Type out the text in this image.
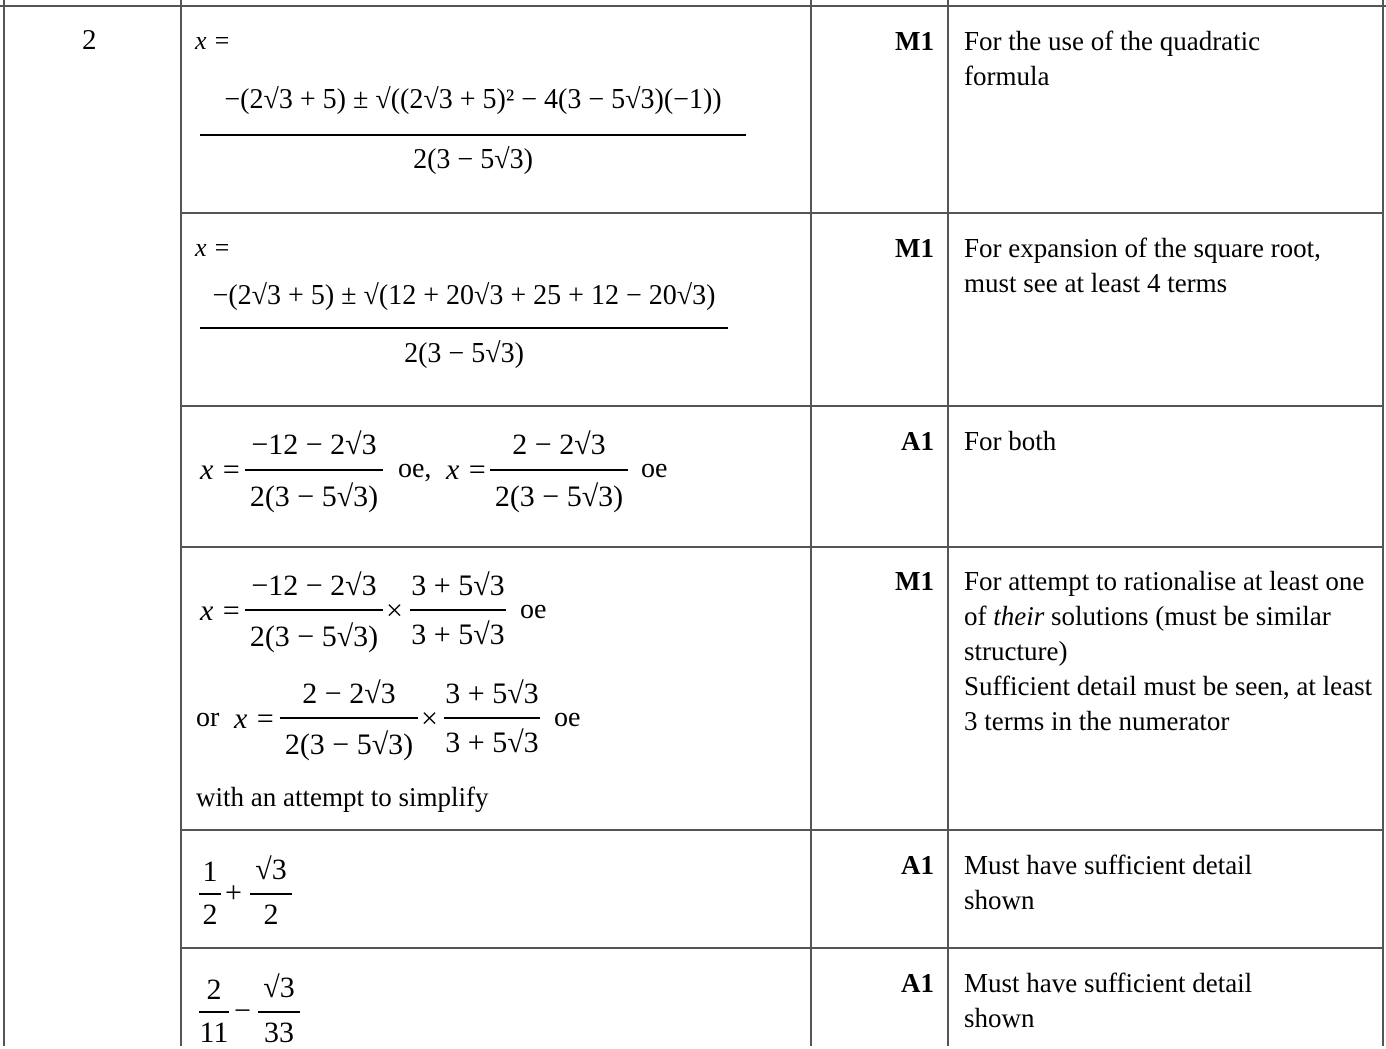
2	x =
−(2√3 + 5) ± √((2√3 + 5)² − 4(3 − 5√3)(−1))
2(3 − 5√3)
M1 For the use of the quadratic formula
x =
−(2√3 + 5) ± √(12 + 20√3 + 25 + 12 − 20√3)
2(3 − 5√3)
M1 For expansion of the square root, must see at least 4 terms
x =
−12 − 2√3
2(3 − 5√3)
oe, x =
2 − 2√3
2(3 − 5√3)
oe
A1 For both
x =
−12 − 2√3
2(3 − 5√3)
×
3 + 5√3
3 + 5√3
oe
or x =
2 − 2√3
2(3 − 5√3)
×
3 + 5√3
3 + 5√3
oe
with an attempt to simplify
M1 For attempt to rationalise at least one of their solutions (must be similar structure)
Sufficient detail must be seen, at least 3 terms in the numerator
1
2
+
√3
2
A1 Must have sufficient detail shown
2
11
−
√3
33
A1 Must have sufficient detail shown
